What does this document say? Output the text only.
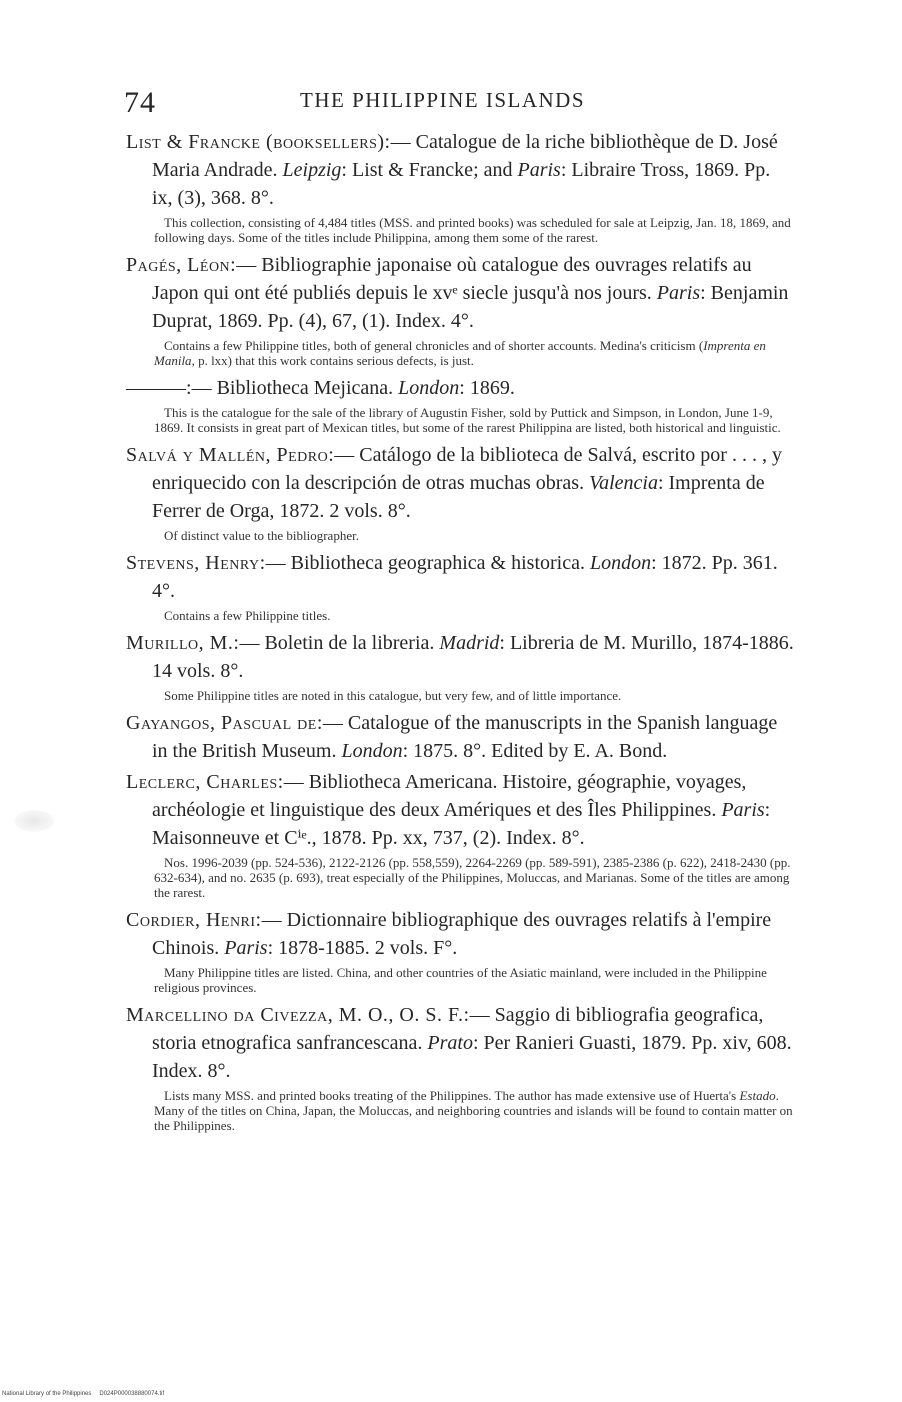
74	THE PHILIPPINE ISLANDS

List & Francke (booksellers):— Catalogue de la riche bibliothèque de D. José Maria Andrade. Leipzig: List & Francke; and Paris: Libraire Tross, 1869. Pp. ix, (3), 368. 8°.

This collection, consisting of 4,484 titles (MSS. and printed books) was scheduled for sale at Leipzig, Jan. 18, 1869, and following days. Some of the titles include Philippina, among them some of the rarest.

Pagés, Léon:— Bibliographie japonaise où catalogue des ouvrages relatifs au Japon qui ont été publiés depuis le xvᵉ siecle jusqu'à nos jours. Paris: Benjamin Duprat, 1869. Pp. (4), 67, (1). Index. 4°.

Contains a few Philippine titles, both of general chronicles and of shorter accounts. Medina's criticism (Imprenta en Manila, p. lxx) that this work contains serious defects, is just.

———:— Bibliotheca Mejicana. London: 1869.

This is the catalogue for the sale of the library of Augustin Fisher, sold by Puttick and Simpson, in London, June 1-9, 1869. It consists in great part of Mexican titles, but some of the rarest Philippina are listed, both historical and linguistic.

Salvá y Mallén, Pedro:— Catálogo de la biblioteca de Salvá, escrito por . . . , y enriquecido con la descripción de otras muchas obras. Valencia: Imprenta de Ferrer de Orga, 1872. 2 vols. 8°.

Of distinct value to the bibliographer.

Stevens, Henry:— Bibliotheca geographica & historica. London: 1872. Pp. 361. 4°.

Contains a few Philippine titles.

Murillo, M.:— Boletin de la libreria. Madrid: Libreria de M. Murillo, 1874-1886. 14 vols. 8°.

Some Philippine titles are noted in this catalogue, but very few, and of little importance.

Gayangos, Pascual de:— Catalogue of the manuscripts in the Spanish language in the British Museum. London: 1875. 8°. Edited by E. A. Bond.

Leclerc, Charles:— Bibliotheca Americana. Histoire, géographie, voyages, archéologie et linguistique des deux Amériques et des Îles Philippines. Paris: Maisonneuve et Cⁱᵉ., 1878. Pp. xx, 737, (2). Index. 8°.

Nos. 1996-2039 (pp. 524-536), 2122-2126 (pp. 558,559), 2264-2269 (pp. 589-591), 2385-2386 (p. 622), 2418-2430 (pp. 632-634), and no. 2635 (p. 693), treat especially of the Philippines, Moluccas, and Marianas. Some of the titles are among the rarest.

Cordier, Henri:— Dictionnaire bibliographique des ouvrages relatifs à l'empire Chinois. Paris: 1878-1885. 2 vols. F°.

Many Philippine titles are listed. China, and other countries of the Asiatic mainland, were included in the Philippine religious provinces.

Marcellino da Civezza, M. O., O. S. F.:— Saggio di bibliografia geografica, storia etnografica sanfrancescana. Prato: Per Ranieri Guasti, 1879. Pp. xiv, 608. Index. 8°.

Lists many MSS. and printed books treating of the Philippines. The author has made extensive use of Huerta's Estado. Many of the titles on China, Japan, the Moluccas, and neighboring countries and islands will be found to contain matter on the Philippines.

National Library of the Philippines D024P000038880074.tif
